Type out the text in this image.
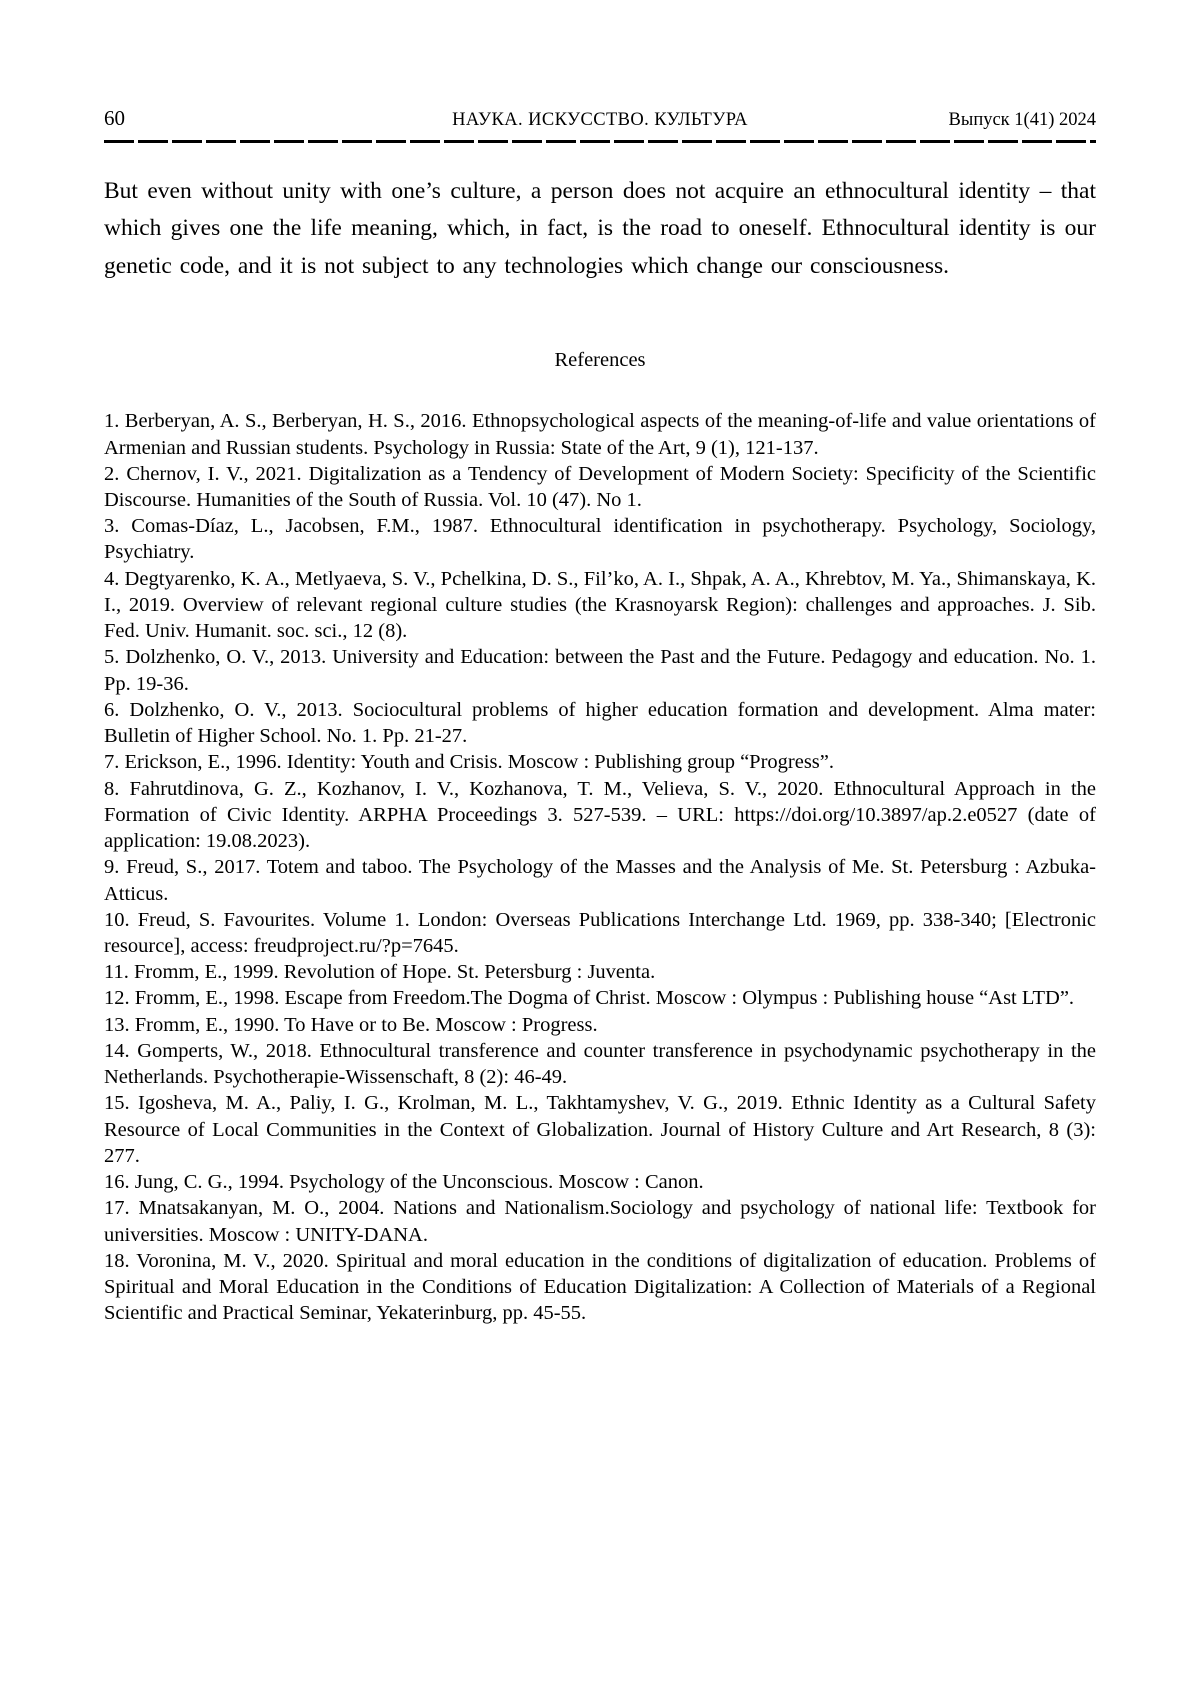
60	НАУКА. ИСКУССТВО. КУЛЬТУРА	Выпуск 1(41) 2024

But even without unity with one’s culture, a person does not acquire an ethnocultural identity – that which gives one the life meaning, which, in fact, is the road to oneself. Ethnocultural identity is our genetic code, and it is not subject to any technologies which change our consciousness.

References

1. Berberyan, A. S., Berberyan, H. S., 2016. Ethnopsychological aspects of the meaning-of-life and value orientations of Armenian and Russian students. Psychology in Russia: State of the Art, 9 (1), 121-137.

2. Chernov, I. V., 2021. Digitalization as a Tendency of Development of Modern Society: Specificity of the Scientific Discourse. Humanities of the South of Russia. Vol. 10 (47). No 1.

3. Comas-Díaz, L., Jacobsen, F.M., 1987. Ethnocultural identification in psychotherapy. Psychology, Sociology, Psychiatry.

4. Degtyarenko, K. A., Metlyaeva, S. V., Pchelkina, D. S., Fil’ko, A. I., Shpak, A. A., Khrebtov, M. Ya., Shimanskaya, K. I., 2019. Overview of relevant regional culture studies (the Krasnoyarsk Region): challenges and approaches. J. Sib. Fed. Univ. Humanit. soc. sci., 12 (8).

5. Dolzhenko, O. V., 2013. University and Education: between the Past and the Future. Pedagogy and education. No. 1. Pp. 19-36.

6. Dolzhenko, O. V., 2013. Sociocultural problems of higher education formation and development. Alma mater: Bulletin of Higher School. No. 1. Pp. 21-27.

7. Erickson, E., 1996. Identity: Youth and Crisis. Moscow : Publishing group “Progress”.

8. Fahrutdinova, G. Z., Kozhanov, I. V., Kozhanova, T. M., Velieva, S. V., 2020. Ethnocultural Approach in the Formation of Civic Identity. ARPHA Proceedings 3. 527-539. – URL: https://doi.org/10.3897/ap.2.e0527 (date of application: 19.08.2023).

9. Freud, S., 2017. Totem and taboo. The Psychology of the Masses and the Analysis of Me. St. Petersburg : Azbuka-Atticus.

10. Freud, S. Favourites. Volume 1. London: Overseas Publications Interchange Ltd. 1969, pp. 338-340; [Electronic resource], access: freudproject.ru/?p=7645.

11. Fromm, E., 1999. Revolution of Hope. St. Petersburg : Juventa.

12. Fromm, E., 1998. Escape from Freedom.The Dogma of Christ. Moscow : Olympus : Publishing house “Ast LTD”.

13. Fromm, E., 1990. To Have or to Be. Moscow : Progress.

14. Gomperts, W., 2018. Ethnocultural transference and counter transference in psychodynamic psychotherapy in the Netherlands. Psychotherapie-Wissenschaft, 8 (2): 46-49.

15. Igosheva, M. A., Paliy, I. G., Krolman, M. L., Takhtamyshev, V. G., 2019. Ethnic Identity as a Cultural Safety Resource of Local Communities in the Context of Globalization. Journal of History Culture and Art Research, 8 (3): 277.

16. Jung, C. G., 1994. Psychology of the Unconscious. Moscow : Canon.

17. Mnatsakanyan, M. O., 2004. Nations and Nationalism.Sociology and psychology of national life: Textbook for universities. Moscow : UNITY-DANA.

18. Voronina, M. V., 2020. Spiritual and moral education in the conditions of digitalization of education. Problems of Spiritual and Moral Education in the Conditions of Education Digitalization: A Collection of Materials of a Regional Scientific and Practical Seminar, Yekaterinburg, pp. 45-55.
